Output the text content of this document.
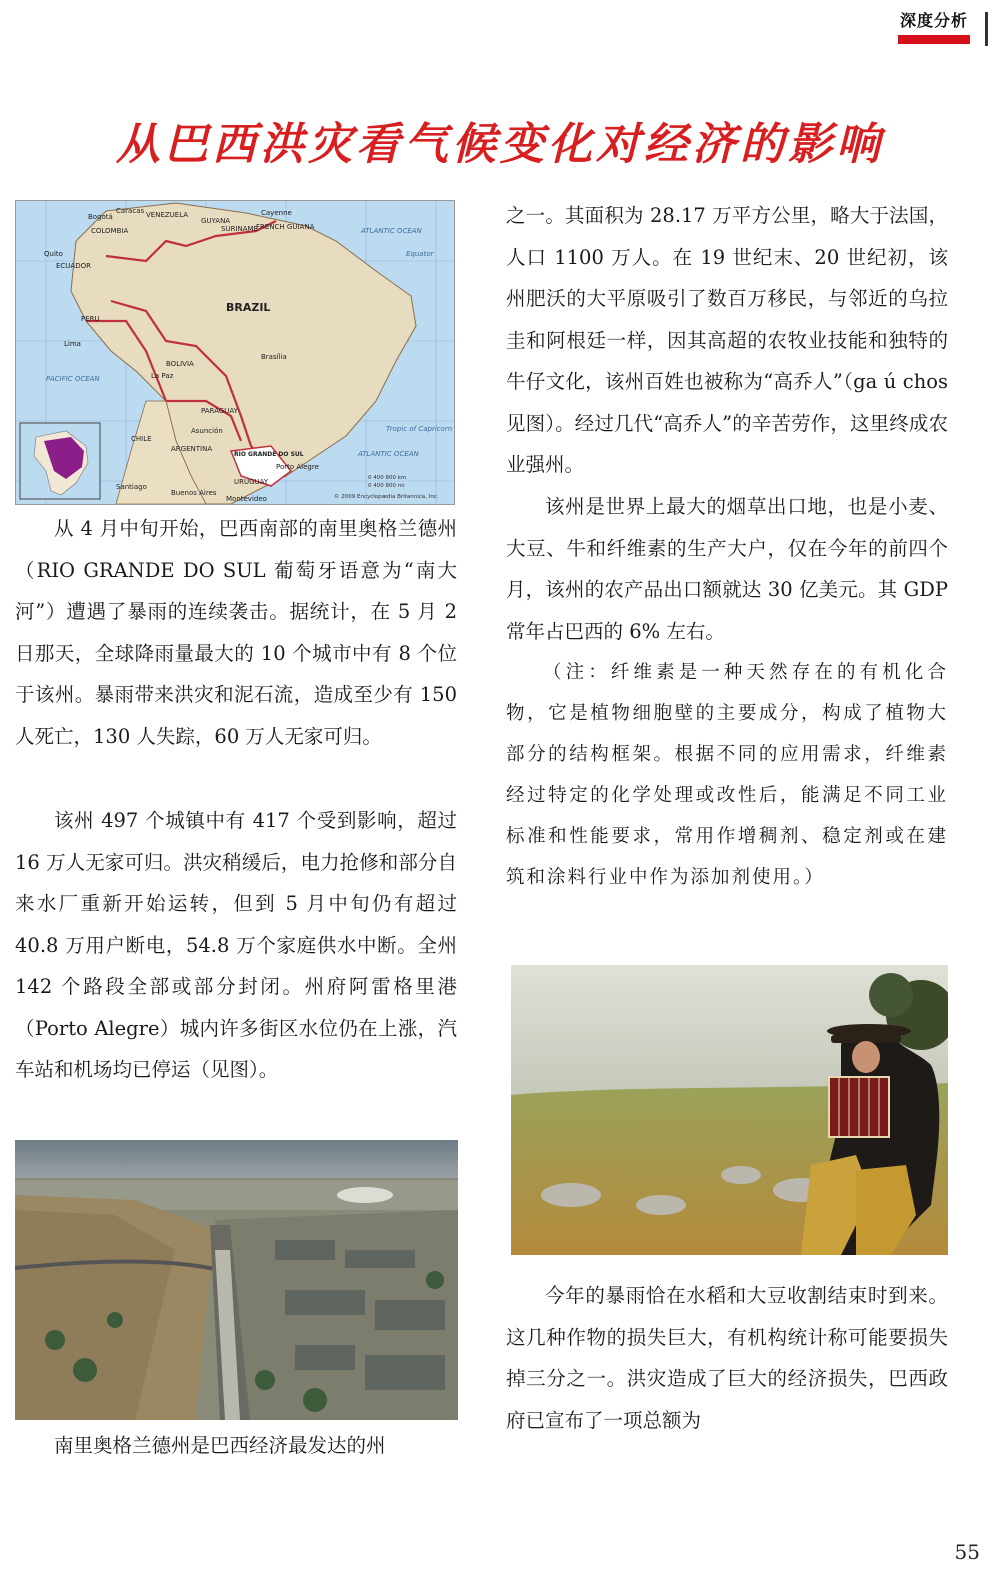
深度分析
从巴西洪灾看气候变化对经济的影响
VENEZUELA
GUYANA
SURINAME
FRENCH GUIANA
COLOMBIA
ECUADOR
PERU
BOLIVIA
PARAGUAY
CHILE
ARGENTINA
URUGUAY
Bogotá
Caracas
Quito
Lima
La Paz
Brasília
Asunción
Santiago
Buenos Aires
Montevideo
Porto Alegre
Cayenne
BRAZIL
RIO GRANDE DO SUL
ATLANTIC OCEAN
ATLANTIC OCEAN
PACIFIC OCEAN
Equator
Tropic of Capricorn
0 400 800 km
0 400 800 mi
© 2009 Encyclopædia Britannica, Inc.

从 4 月中旬开始，巴西南部的南里奥格兰德州（RIO GRANDE DO SUL 葡萄牙语意为“南大河”）遭遇了暴雨的连续袭击。据统计，在 5 月 2 日那天，全球降雨量最大的 10 个城市中有 8 个位于该州。暴雨带来洪灾和泥石流，造成至少有 150 人死亡，130 人失踪，60 万人无家可归。

该州 497 个城镇中有 417 个受到影响，超过 16 万人无家可归。洪灾稍缓后，电力抢修和部分自来水厂重新开始运转，但到 5 月中旬仍有超过 40.8 万用户断电，54.8 万个家庭供水中断。全州 142 个路段全部或部分封闭。州府阿雷格里港（Porto Alegre）城内许多街区水位仍在上涨，汽车站和机场均已停运（见图）。

南里奥格兰德州是巴西经济最发达的州

之一。其面积为 28.17 万平方公里，略大于法国，人口 1100 万人。在 19 世纪末、20 世纪初，该州肥沃的大平原吸引了数百万移民，与邻近的乌拉圭和阿根廷一样，因其高超的农牧业技能和独特的牛仔文化，该州百姓也被称为“高乔人”（ga ú chos 见图）。经过几代“高乔人”的辛苦劳作，这里终成农业强州。

该州是世界上最大的烟草出口地，也是小麦、大豆、牛和纤维素的生产大户，仅在今年的前四个月，该州的农产品出口额就达 30 亿美元。其 GDP 常年占巴西的 6% 左右。

（注：纤维素是一种天然存在的有机化合物，它是植物细胞壁的主要成分，构成了植物大部分的结构框架。根据不同的应用需求，纤维素经过特定的化学处理或改性后，能满足不同工业标准和性能要求，常用作增稠剂、稳定剂或在建筑和涂料行业中作为添加剂使用。）

今年的暴雨恰在水稻和大豆收割结束时到来。这几种作物的损失巨大，有机构统计称可能要损失掉三分之一。洪灾造成了巨大的经济损失，巴西政府已宣布了一项总额为

55
